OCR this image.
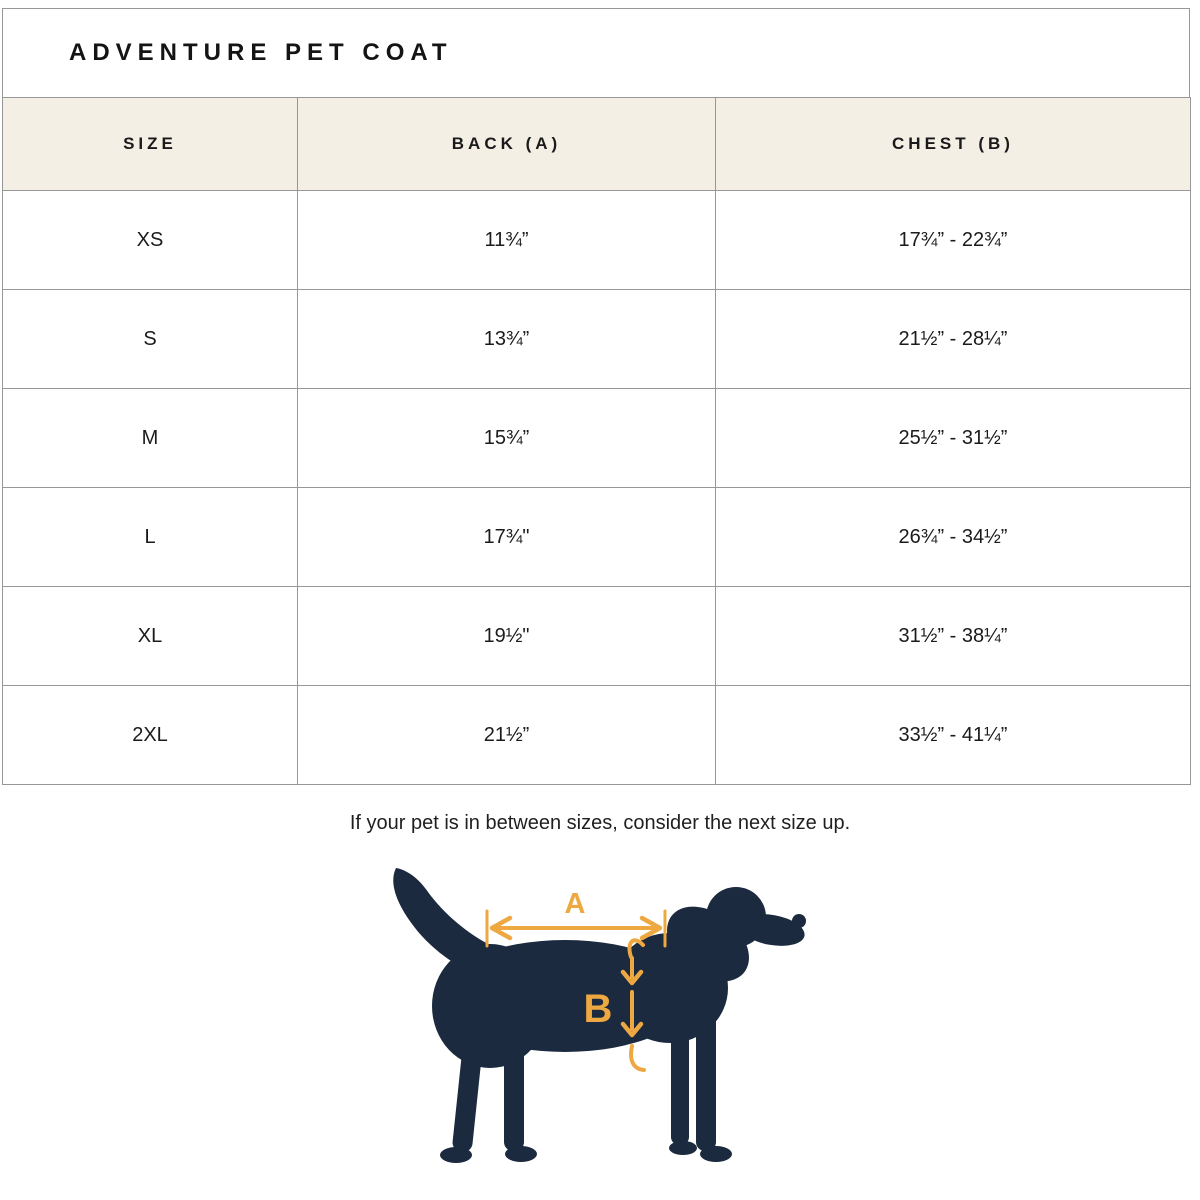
ADVENTURE PET COAT
SIZE	BACK (A)	CHEST (B)
XS	11¾”	17¾” - 22¾”
S	13¾”	21½” - 28¼”
M	15¾”	25½” - 31½”
L	17¾"	26¾” - 34½”
XL	19½"	31½” - 38¼”
2XL	21½”	33½” - 41¼”
If your pet is in between sizes, consider the next size up.
A
B
